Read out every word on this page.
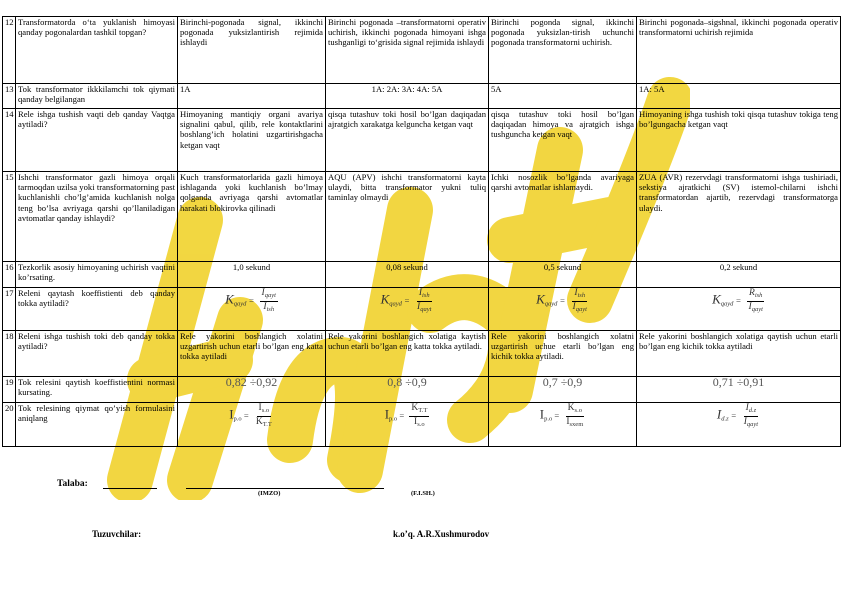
12	Transformatorda o‘ta yuklanish himoyasi qanday pogonalardan tashkil topgan?	Birinchi-pogonada signal, ikkinchi pogonada yuksizlantirish rejimida ishlaydi	Birinchi pogonada –transformatorni operativ uchirish, ikkinchi pogonada himoyani ishga tushganligi to‘grisida signal rejimida ishlaydi	Birinchi pogonda signal, ikkinchi pogonada yuksizlan-tirish uchunchi pogonada transformatorni uchirish.	Birinchi pogonada–sigshnal, ikkinchi pogonada operativ transformatorni uchirish rejimida
13	Tok transformator ikkkilamchi tok qiymati qanday belgilangan	1A	1A: 2A: 3A: 4A: 5A	5A	1A: 5A
14	Rele ishga tushish vaqti deb qanday Vaqtga aytiladi?	Himoyaning mantiqiy organi avariya signalini qabul, qilib, rele kontaktlarini boshlang’ich holatini uzgartirishgacha ketgan vaqt	qisqa tutashuv toki hosil bo’lgan daqiqadan ajratgich xarakatga kelguncha ketgan vaqt	qisqa tutashuv toki hosil bo’lgan daqiqadan himoya va ajratgich ishga tushguncha ketgan vaqt	Himoyaning ishga tushish toki qisqa tutashuv tokiga teng bo’lgungacha ketgan vaqt
15	Ishchi transformator gazli himoya orqali tarmoqdan uzilsa yoki transformatorning past kuchlanishli cho’lg’amida kuchlanish nolga teng bo’lsa avriyaga qarshi qo’llaniladigan avtomatlar qanday ishlaydi?	Kuch transformatorlarida gazli himoya ishlaganda yoki kuchlanish bo’lmay qolganda avriyaga qarshi avtomatlar harakati blokirovka qilinadi	AQU (APV) ishchi transformatorni kayta ulaydi, bitta transformator yukni tuliq taminlay olmaydi	Ichki nosozlik bo’lganda avariyaga qarshi avtomatlar ishlamaydi.	ZUA (AVR) rezervdagi transformatorni ishga tushiriadi, sekstiya ajratkichi (SV) istemol-chilarni ishchi transformatordan ajartib, rezervdagi transformatorga ulaydi.
16	Tezkorlik asosiy himoyaning uchirish vaqtini ko’rsating.	1,0 sekund	0,08 sekund	0,5 sekund	0,2 sekund
17	Releni qaytash koeffistienti deb qanday tokka aytiladi?	$K_{qayd} = \frac{I_{qayt}}{I_{ish}}$	$K_{qayd} = \frac{I_{ish}}{I_{qayt}}$	$K_{qayd} = \frac{I_{ish}}{I_{qayt}}$	$K_{qayd} = \frac{R_{ish}}{I_{qayt}}$

18	Releni ishga tushish toki deb qanday tokka aytiladi?	Rele yakorini boshlangich xolatini uzgartirish uchun etarli bo’lgan eng katta tokka aytiladi	Rele yakorini boshlangich xolatiga kaytish uchun etarli bo’lgan eng katta tokka aytiladi.	Rele yakorini boshlangich xolatni uzgartirish uchue etarli bo’lgan eng kichik tokka aytiladi.	Rele yakorini boshlangich xolatiga qaytish uchun etarli bo’lgan eng kichik tokka aytiladi
19	Tok relesini qaytish koeffistientini normasi kursating.	0,82 ÷0,92	0,8 ÷0,9	0,7 ÷0,9	0,71 ÷0,91
20	Tok relesining qiymat qo’yish formulasini aniqlang	$I_{p.o} = \frac{I_{s.o}}{K_{T.T}}$	$I_{p.o} = \frac{K_{T.T}}{I_{s.o}}$	$I_{p.o} = \frac{K_{s.o}}{I_{sxem}}$	$I_{d.z} = \frac{I_{d.z}}{I_{qayt}}$
Talaba:
(IMZO)	(F.I.SH.)
Tuzuvchilar:	k.o’q. A.R.Xushmurodov
